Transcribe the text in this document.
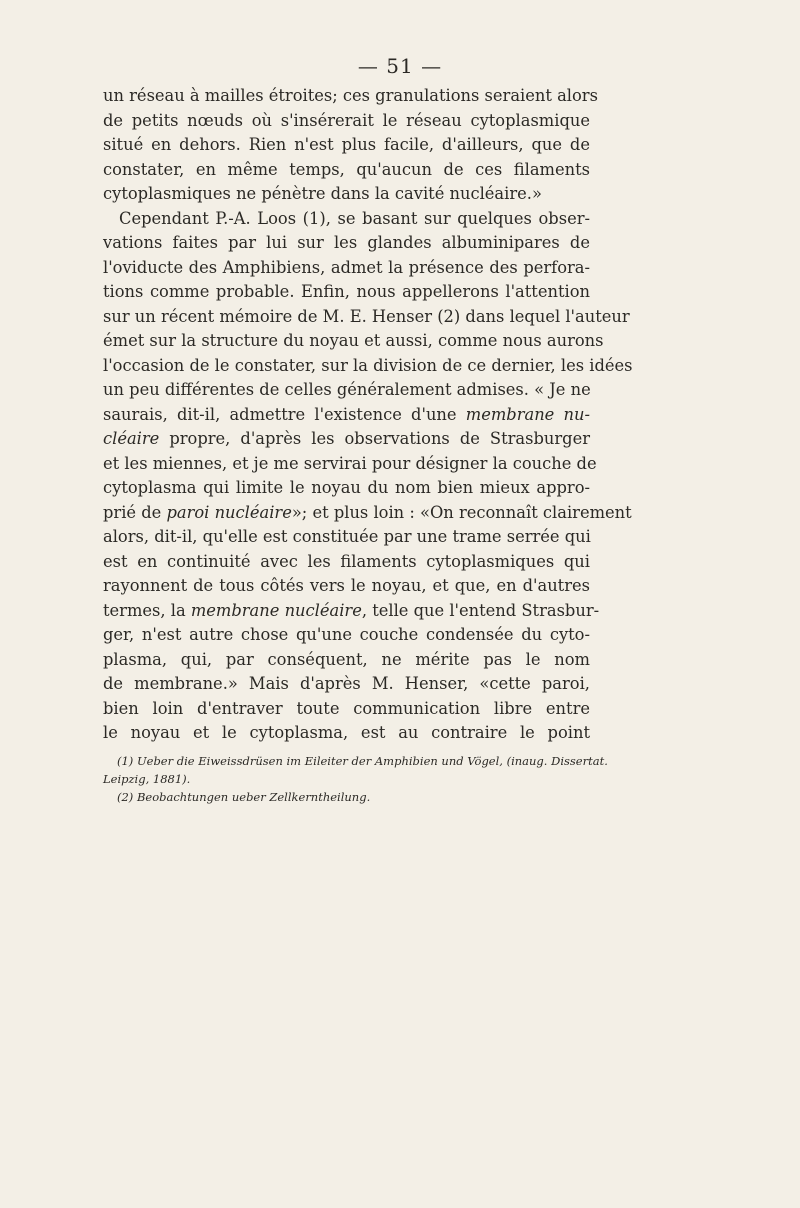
— 51 —
un réseau à mailles étroites; ces granulations seraient alors
de petits nœuds où s'insérerait le réseau cytoplasmique
situé en dehors. Rien n'est plus facile, d'ailleurs, que de
constater, en même temps, qu'aucun de ces filaments
cytoplasmiques ne pénètre dans la cavité nucléaire.»
Cependant P.-A. Loos (1), se basant sur quelques obser-
vations faites par lui sur les glandes albuminipares de
l'oviducte des Amphibiens, admet la présence des perfora-
tions comme probable. Enfin, nous appellerons l'attention
sur un récent mémoire de M. E. Henser (2) dans lequel l'auteur
émet sur la structure du noyau et aussi, comme nous aurons
l'occasion de le constater, sur la division de ce dernier, les idées
un peu différentes de celles généralement admises. « Je ne
saurais, dit-il, admettre l'existence d'une membrane nu-
cléaire propre, d'après les observations de Strasburger
et les miennes, et je me servirai pour désigner la couche de
cytoplasma qui limite le noyau du nom bien mieux appro-
prié de paroi nucléaire»; et plus loin : «On reconnaît clairement
alors, dit-il, qu'elle est constituée par une trame serrée qui
est en continuité avec les filaments cytoplasmiques qui
rayonnent de tous côtés vers le noyau, et que, en d'autres
termes, la membrane nucléaire, telle que l'entend Strasbur-
ger, n'est autre chose qu'une couche condensée du cyto-
plasma, qui, par conséquent, ne mérite pas le nom
de membrane.» Mais d'après M. Henser, «cette paroi,
bien loin d'entraver toute communication libre entre
le noyau et le cytoplasma, est au contraire le point
(1) Ueber die Eiweissdrüsen im Eileiter der Amphibien und Vögel, (inaug. Dissertat.
Leipzig, 1881).
(2) Beobachtungen ueber Zellkerntheilung.
